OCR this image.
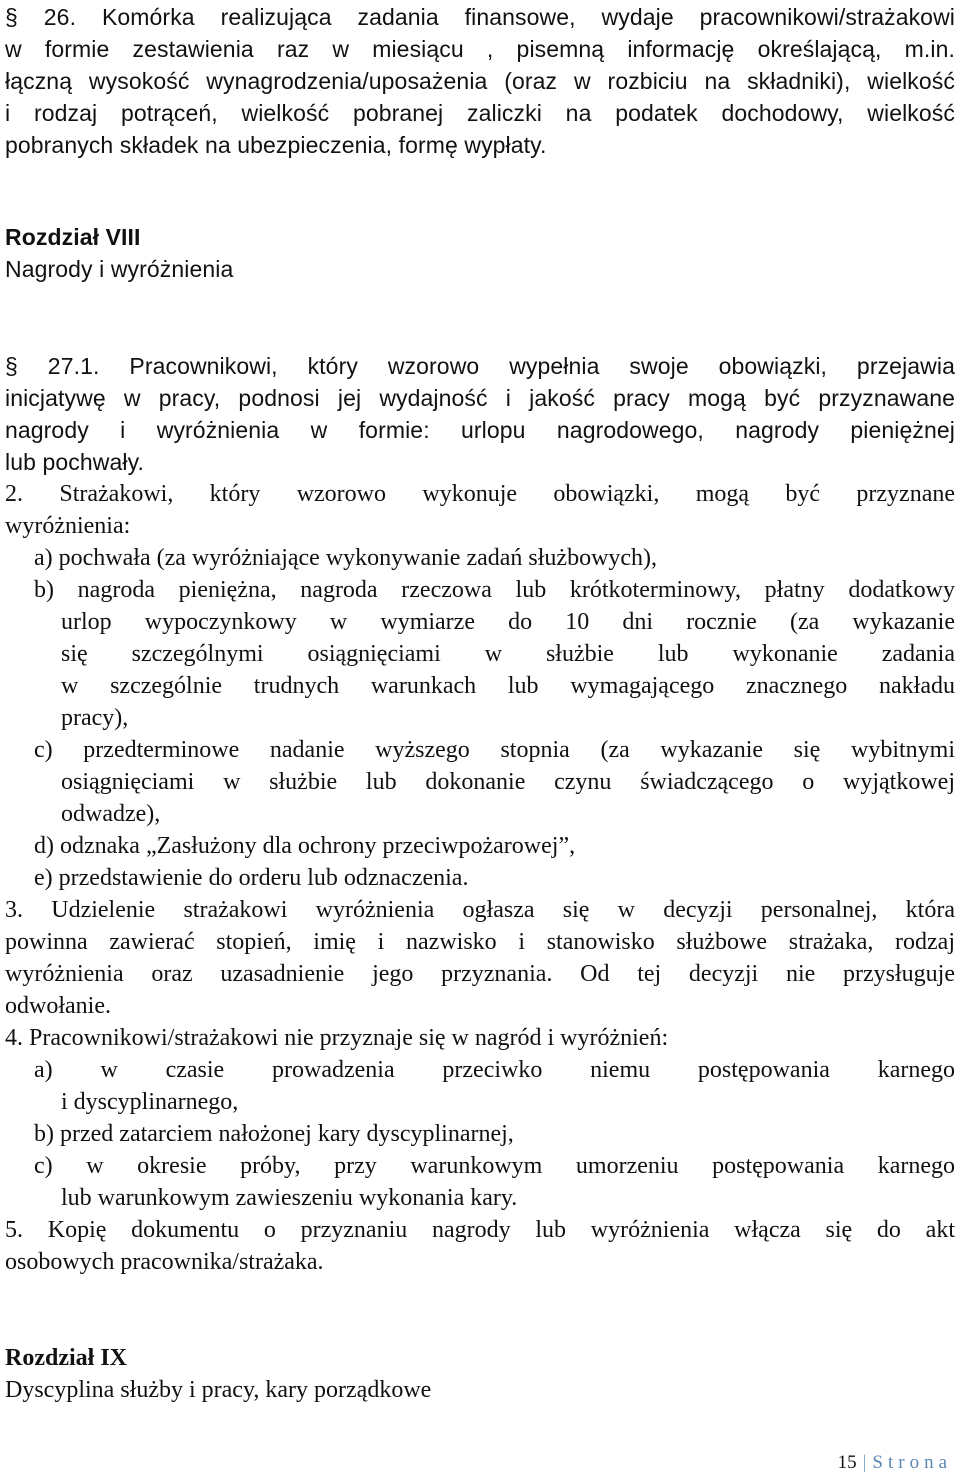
§ 26. Komórka realizująca zadania finansowe, wydaje pracownikowi/strażakowi
w formie zestawienia raz w miesiącu , pisemną informację określającą, m.in.
łączną wysokość wynagrodzenia/uposażenia (oraz w rozbiciu na składniki), wielkość
i rodzaj potrąceń, wielkość pobranej zaliczki na podatek dochodowy, wielkość
pobranych składek na ubezpieczenia, formę wypłaty.
Rozdział VIII
Nagrody i wyróżnienia
§ 27.1. Pracownikowi, który wzorowo wypełnia swoje obowiązki, przejawia
inicjatywę w pracy, podnosi jej wydajność i jakość pracy mogą być przyznawane
nagrody i wyróżnienia w formie: urlopu nagrodowego, nagrody pieniężnej
lub pochwały.
2. Strażakowi, który wzorowo wykonuje obowiązki, mogą być przyznane
wyróżnienia:
a) pochwała (za wyróżniające wykonywanie zadań służbowych),
b) nagroda pieniężna, nagroda rzeczowa lub krótkoterminowy, płatny dodatkowy
urlop wypoczynkowy w wymiarze do 10 dni rocznie (za wykazanie
się szczególnymi osiągnięciami w służbie lub wykonanie zadania
w szczególnie trudnych warunkach lub wymagającego znacznego nakładu
pracy),
c) przedterminowe nadanie wyższego stopnia (za wykazanie się wybitnymi
osiągnięciami w służbie lub dokonanie czynu świadczącego o wyjątkowej
odwadze),
d) odznaka „Zasłużony dla ochrony przeciwpożarowej”,
e) przedstawienie do orderu lub odznaczenia.
3. Udzielenie strażakowi wyróżnienia ogłasza się w decyzji personalnej, która
powinna zawierać stopień, imię i nazwisko i stanowisko służbowe strażaka, rodzaj
wyróżnienia oraz uzasadnienie jego przyznania. Od tej decyzji nie przysługuje
odwołanie.
4. Pracownikowi/strażakowi nie przyznaje się w nagród i wyróżnień:
a) w czasie prowadzenia przeciwko niemu postępowania karnego
i dyscyplinarnego,
b) przed zatarciem nałożonej kary dyscyplinarnej,
c) w okresie próby, przy warunkowym umorzeniu postępowania karnego
lub warunkowym zawieszeniu wykonania kary.
5. Kopię dokumentu o przyznaniu nagrody lub wyróżnienia włącza się do akt
osobowych pracownika/strażaka.
Rozdział IX
Dyscyplina służby i pracy, kary porządkowe
15 | Strona
